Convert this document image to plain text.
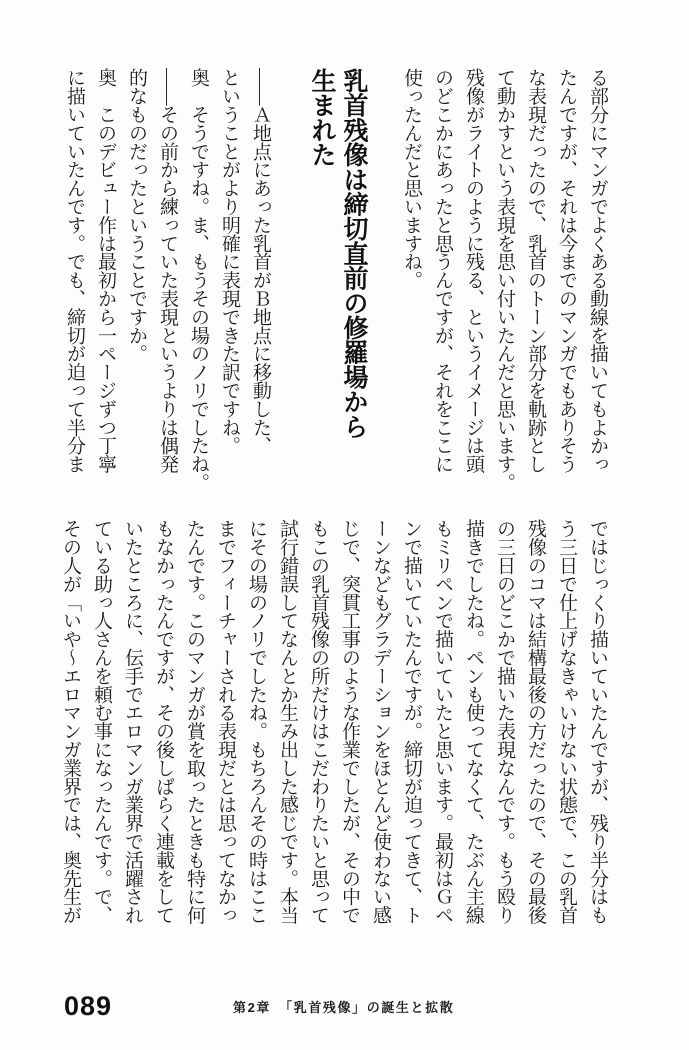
る部分にマンガでよくある動線を描いてもよかっ

たんですが、それは今までのマンガでもありそう

な表現だったので、乳首のトーン部分を軌跡とし

て動かすという表現を思い付いたんだと思います。

残像がライトのように残る、というイメージは頭

のどこかにあったと思うんですが、それをここに

使ったんだと思いますね。

乳首残像は締切直前の修羅場から

生まれた

――Ａ地点にあった乳首がＢ地点に移動した、

ということがより明確に表現できた訳ですね。

奥　そうですね。ま、もうその場のノリでしたね。

――その前から練っていた表現というよりは偶発

的なものだったということですか。

奥　このデビュー作は最初から一ページずつ丁寧

に描いていたんです。でも、締切が迫って半分ま

ではじっくり描いていたんですが、残り半分はも

う三日で仕上げなきゃいけない状態で、この乳首

残像のコマは結構最後の方だったので、その最後

の三日のどこかで描いた表現なんです。もう殴り

描きでしたね。ペンも使ってなくて、たぶん主線

もミリペンで描いていたと思います。最初はＧペ

ンで描いていたんですが。締切が迫ってきて、ト

ーンなどもグラデーションをほとんど使わない感

じで、突貫工事のような作業でしたが、その中で

もこの乳首残像の所だけはこだわりたいと思って

試行錯誤してなんとか生み出した感じです。本当

にその場のノリでしたね。もちろんその時はここ

までフィーチャーされる表現だとは思ってなかっ

たんです。このマンガが賞を取ったときも特に何

もなかったんですが、その後しばらく連載をして

いたところに、伝手でエロマンガ業界で活躍され

ている助っ人さんを頼む事になったんです。で、

その人が「いや～エロマンガ業界では、奥先生が

089	第2章　「乳首残像」の誕生と拡散
